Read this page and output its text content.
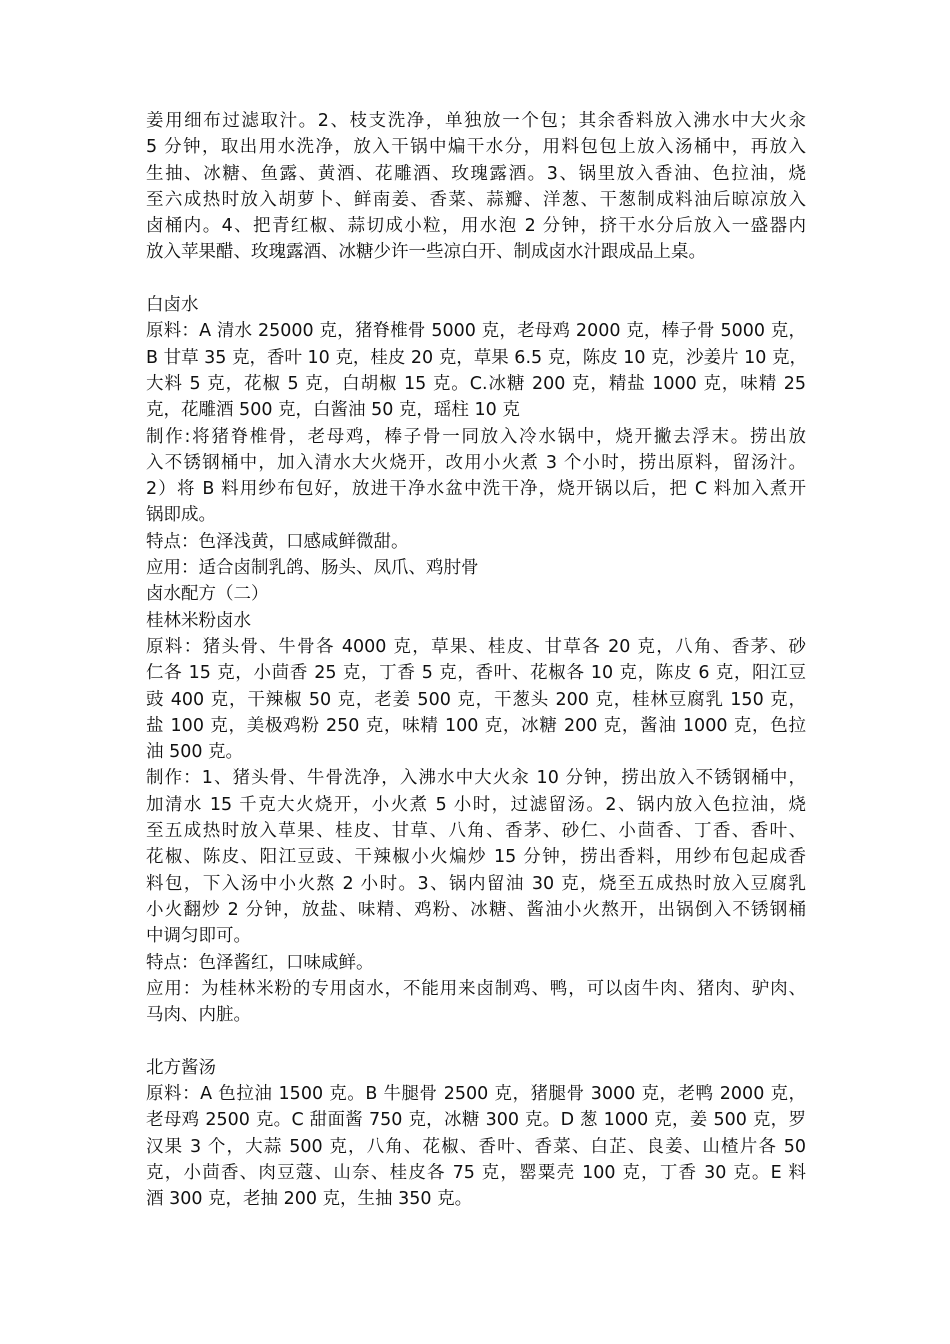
姜用细布过滤取汁。2、枝支洗净，单独放一个包；其余香料放入沸水中大火汆
5 分钟，取出用水洗净，放入干锅中煸干水分，用料包包上放入汤桶中，再放入
生抽、冰糖、鱼露、黄酒、花雕酒、玫瑰露酒。3、锅里放入香油、色拉油，烧
至六成热时放入胡萝卜、鲜南姜、香菜、蒜瓣、洋葱、干葱制成料油后晾凉放入
卤桶内。4、把青红椒、蒜切成小粒，用水泡 2 分钟，挤干水分后放入一盛器内
放入苹果醋、玫瑰露酒、冰糖少许一些凉白开、制成卤水汁跟成品上桌。
白卤水
原料：A 清水 25000 克，猪脊椎骨 5000 克，老母鸡 2000 克，棒子骨 5000 克，
B 甘草 35 克，香叶 10 克，桂皮 20 克，草果 6.5 克，陈皮 10 克，沙姜片 10 克，
大料 5 克，花椒 5 克，白胡椒 15 克。C.冰糖 200 克，精盐 1000 克，味精 25
克，花雕酒 500 克，白酱油 50 克，瑶柱 10 克
制作:将猪脊椎骨，老母鸡，棒子骨一同放入冷水锅中，烧开撇去浮末。捞出放
入不锈钢桶中，加入清水大火烧开，改用小火煮 3 个小时，捞出原料，留汤汁。
2）将 B 料用纱布包好，放进干净水盆中洗干净，烧开锅以后，把 C 料加入煮开
锅即成。
特点：色泽浅黄，口感咸鲜微甜。
应用：适合卤制乳鸽、肠头、凤爪、鸡肘骨
卤水配方（二）
桂林米粉卤水
原料：猪头骨、牛骨各 4000 克，草果、桂皮、甘草各 20 克，八角、香茅、砂
仁各 15 克，小茴香 25 克，丁香 5 克，香叶、花椒各 10 克，陈皮 6 克，阳江豆
豉 400 克，干辣椒 50 克，老姜 500 克，干葱头 200 克，桂林豆腐乳 150 克，
盐 100 克，美极鸡粉 250 克，味精 100 克，冰糖 200 克，酱油 1000 克，色拉
油 500 克。
制作：1、猪头骨、牛骨洗净，入沸水中大火汆 10 分钟，捞出放入不锈钢桶中，
加清水 15 千克大火烧开，小火煮 5 小时，过滤留汤。2、锅内放入色拉油，烧
至五成热时放入草果、桂皮、甘草、八角、香茅、砂仁、小茴香、丁香、香叶、
花椒、陈皮、阳江豆豉、干辣椒小火煸炒 15 分钟，捞出香料，用纱布包起成香
料包，下入汤中小火熬 2 小时。3、锅内留油 30 克，烧至五成热时放入豆腐乳
小火翻炒 2 分钟，放盐、味精、鸡粉、冰糖、酱油小火熬开，出锅倒入不锈钢桶
中调匀即可。
特点：色泽酱红，口味咸鲜。
应用：为桂林米粉的专用卤水，不能用来卤制鸡、鸭，可以卤牛肉、猪肉、驴肉、
马肉、内脏。
北方酱汤
原料：A 色拉油 1500 克。B 牛腿骨 2500 克，猪腿骨 3000 克，老鸭 2000 克，
老母鸡 2500 克。C 甜面酱 750 克，冰糖 300 克。D 葱 1000 克，姜 500 克，罗
汉果 3 个，大蒜 500 克，八角、花椒、香叶、香菜、白芷、良姜、山楂片各 50
克，小茴香、肉豆蔻、山奈、桂皮各 75 克，罂粟壳 100 克，丁香 30 克。E 料
酒 300 克，老抽 200 克，生抽 350 克。
